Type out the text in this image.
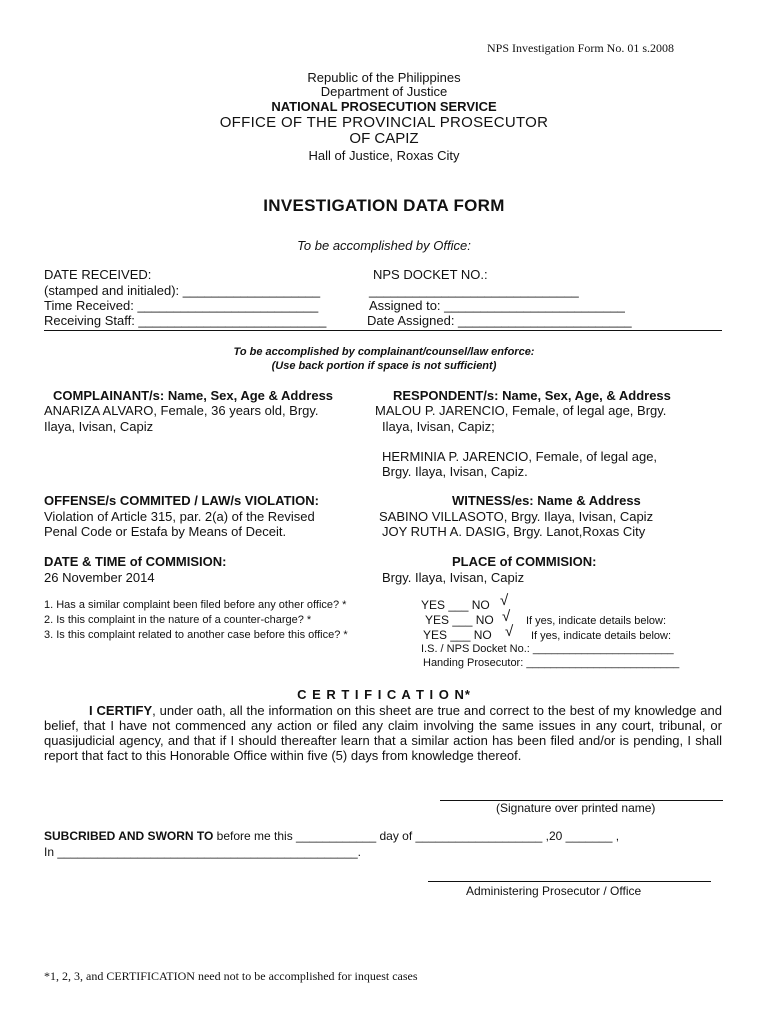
NPS Investigation Form No. 01 s.2008
Republic of the Philippines
Department of Justice
NATIONAL PROSECUTION SERVICE
OFFICE OF THE PROVINCIAL PROSECUTOR
OF CAPIZ
Hall of Justice, Roxas City
INVESTIGATION DATA FORM
To be accomplished by Office:
DATE RECEIVED:
(stamped and initialed): ___________________
Time Received: _________________________
Receiving Staff: __________________________
NPS DOCKET NO.:
_____________________________
Assigned to: _________________________
Date Assigned: ________________________
To be accomplished by complainant/counsel/law enforce:
(Use back portion if space is not sufficient)
COMPLAINANT/s: Name, Sex, Age & Address
ANARIZA ALVARO, Female, 36 years old, Brgy.
Ilaya, Ivisan, Capiz
RESPONDENT/s: Name, Sex, Age, & Address
MALOU P. JARENCIO, Female, of legal age, Brgy.
Ilaya, Ivisan, Capiz;
HERMINIA P. JARENCIO, Female, of legal age,
Brgy. Ilaya, Ivisan, Capiz.
OFFENSE/s COMMITED / LAW/s VIOLATION:
Violation of Article 315, par. 2(a) of the Revised
Penal Code or Estafa by Means of Deceit.
WITNESS/es: Name & Address
SABINO VILLASOTO, Brgy. Ilaya, Ivisan, Capiz
JOY RUTH A. DASIG, Brgy. Lanot,Roxas City
DATE & TIME of COMMISION:
26 November 2014
PLACE of COMMISION:
Brgy. Ilaya, Ivisan, Capiz
1. Has a similar complaint been filed before any other office? *
2. Is this complaint in the nature of a counter-charge? *
3. Is this complaint related to another case before this office? *
YES ___ NO √
YES ___ NO √ If yes, indicate details below:
YES ___ NO √ If yes, indicate details below:
I.S. / NPS Docket No.: _______________________
Handing Prosecutor: _________________________
C E R T I F I C A T I O N*
I CERTIFY, under oath, all the information on this sheet are true and correct to the best of my knowledge and belief, that I have not commenced any action or filed any claim involving the same issues in any court, tribunal, or quasijudicial agency, and that if I should thereafter learn that a similar action has been filed and/or is pending, I shall report that fact to this Honorable Office within five (5) days from knowledge thereof.
(Signature over printed name)
SUBCRIBED AND SWORN TO before me this ____________ day of ___________________ ,20 _______ ,
In _____________________________________________.
Administering Prosecutor / Office
*1, 2, 3, and CERTIFICATION need not to be accomplished for inquest cases
